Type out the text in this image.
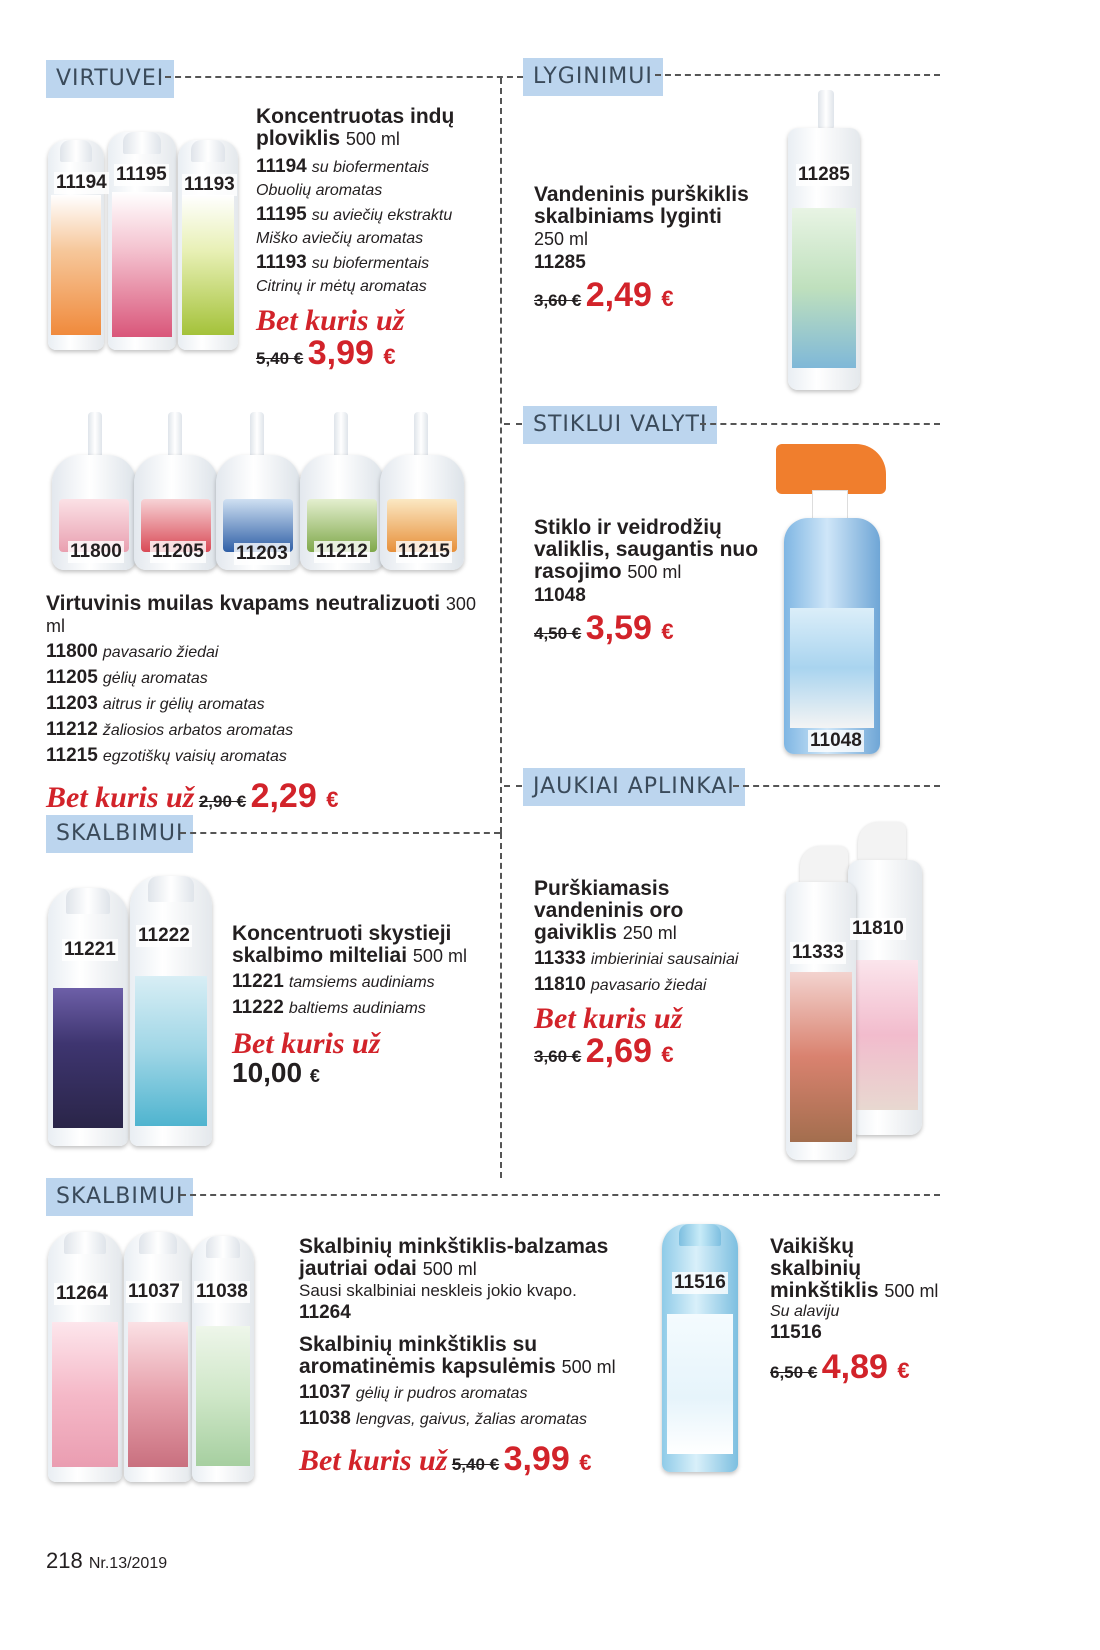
VIRTUVEI	LYGINIMUI
STIKLUI VALYTI
JAUKIAI APLINKAI
SKALBIMUI
SKALBIMUI
11194 11195 11193
Koncentruotas indų ploviklis 500 ml
11194 su biofermentais
Obuolių aromatas
11195 su aviečių ekstraktu
Miško aviečių aromatas
11193 su biofermentais
Citrinų ir mėtų aromatas
Bet kuris už
5,40 € 3,99 €
Vandeninis purškiklis skalbiniams lyginti 250 ml
11285
3,60 € 2,49 €
11285
11800 11205 11203 11212 11215
Virtuvinis muilas kvapams neutralizuoti 300 ml
11800 pavasario žiedai
11205 gėlių aromatas
11203 aitrus ir gėlių aromatas
11212 žaliosios arbatos aromatas
11215 egzotiškų vaisių aromatas
Bet kuris už 2,90 € 2,29 €
Stiklo ir veidrodžių valiklis, saugantis nuo rasojimo 500 ml
11048
4,50 € 3,59 €
11048
11221
11222 Koncentruoti skystieji skalbimo milteliai 500 ml
11221 tamsiems audiniams
11222 baltiems audiniams
Bet kuris už
10,00 €
Purškiamasis vandeninis oro gaiviklis 250 ml
11333 imbieriniai sausainiai
11810 pavasario žiedai
Bet kuris už
3,60 € 2,69 €
11810
11333
11264 11037 11038
Skalbinių minkštiklis-balzamas jautriai odai 500 ml
Sausi skalbiniai neskleis jokio kvapo.
11264
Skalbinių minkštiklis su aromatinėmis kapsulėmis 500 ml
11037 gėlių ir pudros aromatas
11038 lengvas, gaivus, žalias aromatas
Bet kuris už 5,40 € 3,99 €
11516
Vaikiškų skalbinių minkštiklis 500 ml
Su alaviju
11516
6,50 € 4,89 €
218 Nr.13/2019
